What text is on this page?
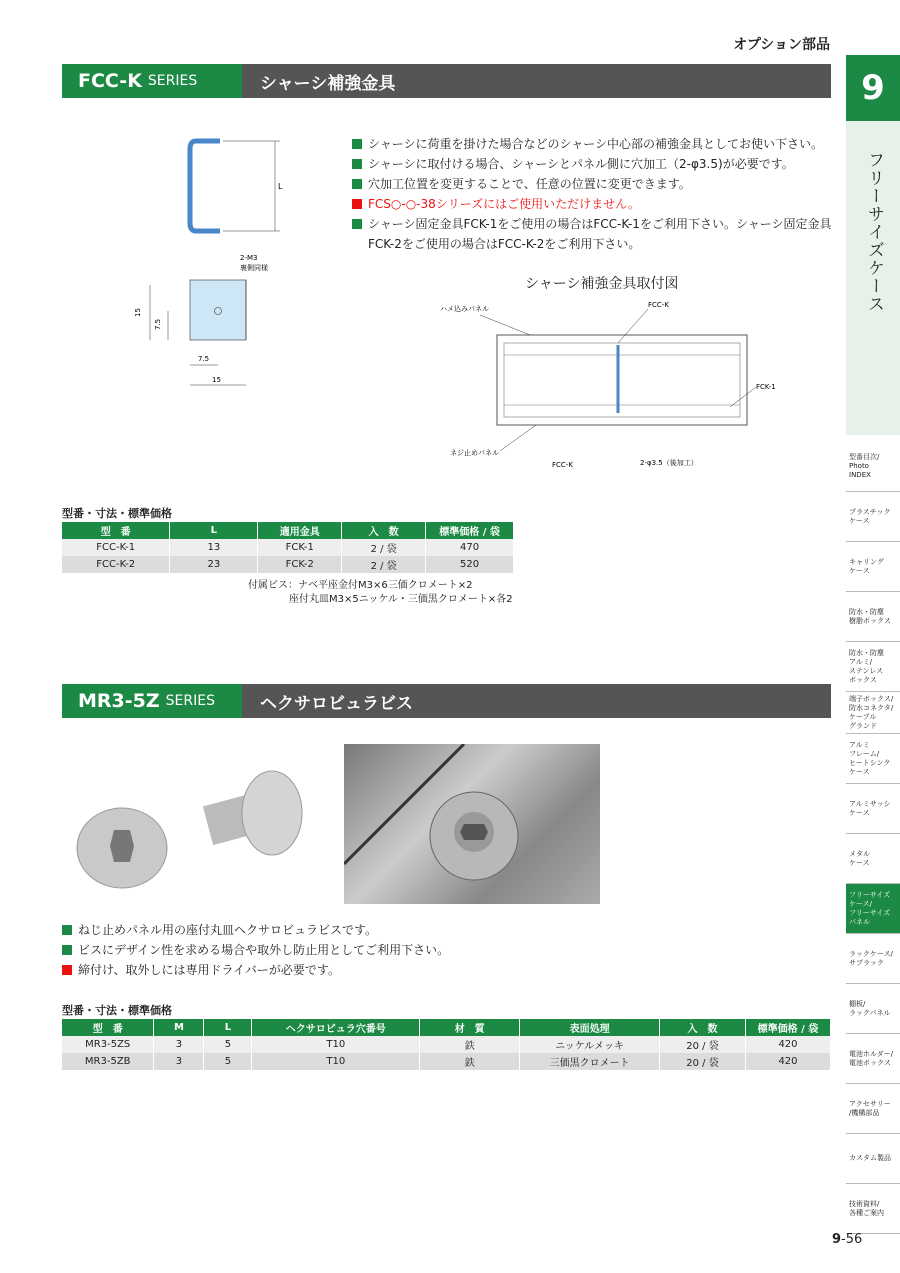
オプション部品
9
フリーサイズケース
型番目次/
Photo
INDEX
プラスチック
ケース
キャリング
ケース
防水・防塵
樹脂ボックス
防水・防塵
アルミ/
ステンレス
ボックス
端子ボックス/
防水コネクタ/
ケーブル
グランド
アルミ
フレーム/
ヒートシンク
ケース
アルミサッシ
ケース
メタル
ケース
フリーサイズ
ケース/
フリーサイズ
パネル
ラックケース/
サブラック
棚板/
ラックパネル
電池ホルダー/
電池ボックス
アクセサリー
/機構部品
カスタム製品
技術資料/
各種ご案内
FCC-K SERIES	シャーシ補強金具
L
2-M3
裏側同様
15
7.5
7.5
15
シャーシに荷重を掛けた場合などのシャーシ中心部の補強金具としてお使い下さい。
シャーシに取付ける場合、シャーシとパネル側に穴加工（2-φ3.5)が必要です。
穴加工位置を変更することで、任意の位置に変更できます。
FCS○-○-38シリーズにはご使用いただけません。
シャーシ固定金具FCK-1をご使用の場合はFCC-K-1をご利用下さい。シャーシ固定金具FCK-2をご使用の場合はFCC-K-2をご利用下さい。
シャーシ補強金具取付図
ハメ込みパネル	FCC-K
FCK-1
ネジ止めパネル
FCC-K	2-φ3.5（後加工）
型番・寸法・標準価格
型　番	L	適用金具	入　数	標準価格 / 袋
FCC-K-1	13	FCK-1	2 / 袋	470
FCC-K-2	23	FCK-2	2 / 袋	520
付属ビス：ナベ平座金付M3×6三価クロメート×2
座付丸皿M3×5ニッケル・三価黒クロメート×各2
MR3-5Z SERIES	ヘクサロビュラビス
ねじ止めパネル用の座付丸皿ヘクサロビュラビスです。
ビスにデザイン性を求める場合や取外し防止用としてご利用下さい。
締付け、取外しには専用ドライバーが必要です。
型番・寸法・標準価格
型　番	M	L	ヘクサロビュラ穴番号	材　質	表面処理	入　数	標準価格 / 袋
MR3-5ZS	3	5	T10	鉄	ニッケルメッキ	20 / 袋	420
MR3-5ZB	3	5	T10	鉄	三価黒クロメート	20 / 袋	420
9-56
